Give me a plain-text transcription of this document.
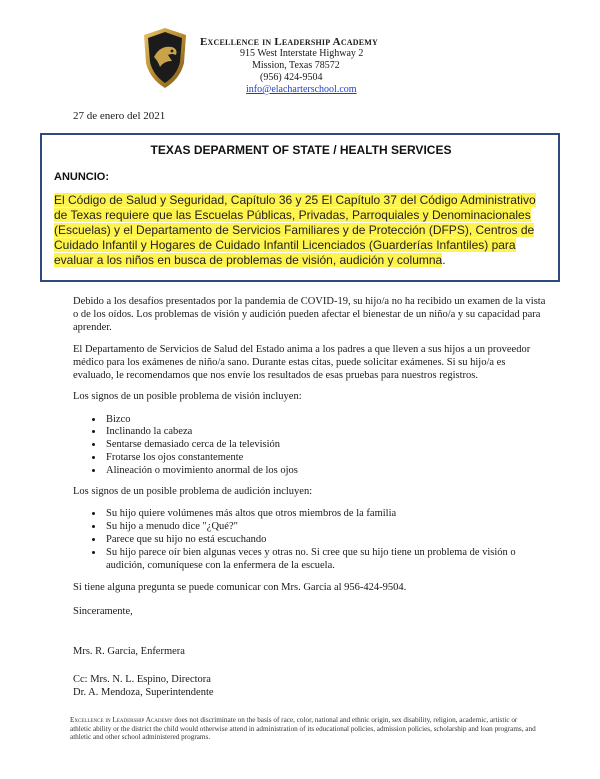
Excellence in Leadership Academy
915 West Interstate Highway 2
Mission, Texas 78572
(956) 424-9504
info@elacharterschool.com
27 de enero del 2021
TEXAS DEPARMENT OF STATE / HEALTH SERVICES
ANUNCIO:
El Código de Salud y Seguridad, Capítulo 36 y 25 El Capítulo 37 del Código Administrativo de Texas requiere que las Escuelas Públicas, Privadas, Parroquiales y Denominacionales (Escuelas) y el Departamento de Servicios Familiares y de Protección (DFPS), Centros de Cuidado Infantil y Hogares de Cuidado Infantil Licenciados (Guarderías Infantiles) para evaluar a los niños en busca de problemas de visión, audición y columna.

Debido a los desafíos presentados por la pandemia de COVID-19, su hijo/a no ha recibido un examen de la vista o de los oídos. Los problemas de visión y audición pueden afectar el bienestar de un niño/a y su capacidad para aprender.

El Departamento de Servicios de Salud del Estado anima a los padres a que lleven a sus hijos a un proveedor médico para los exámenes de niño/a sano. Durante estas citas, puede solicitar exámenes. Si su hijo/a es evaluado, le recomendamos que nos envíe los resultados de esas pruebas para nuestros registros.

Los signos de un posible problema de visión incluyen:

• Bizco
• Inclinando la cabeza
• Sentarse demasiado cerca de la televisión
• Frotarse los ojos constantemente
• Alineación o movimiento anormal de los ojos

Los signos de un posible problema de audición incluyen:

• Su hijo quiere volúmenes más altos que otros miembros de la familia
• Su hijo a menudo dice "¿Qué?"
• Parece que su hijo no está escuchando
• Su hijo parece oír bien algunas veces y otras no. Si cree que su hijo tiene un problema de visión o audición, comuníquese con la enfermera de la escuela.

Si tiene alguna pregunta se puede comunicar con Mrs. Garcia al 956-424-9504.

Sinceramente,

Mrs. R. Garcia, Enfermera

Cc: Mrs. N. L. Espino, Directora

Dr. A. Mendoza, Superintendente

Excellence in Leadership Academy does not discriminate on the basis of race, color, national and ethnic origin, sex disability, religion, academic, artistic or athletic ability or the district the child would otherwise attend in administration of its educational policies, admission policies, scholarship and loan programs, and athletic and other school administered programs.
